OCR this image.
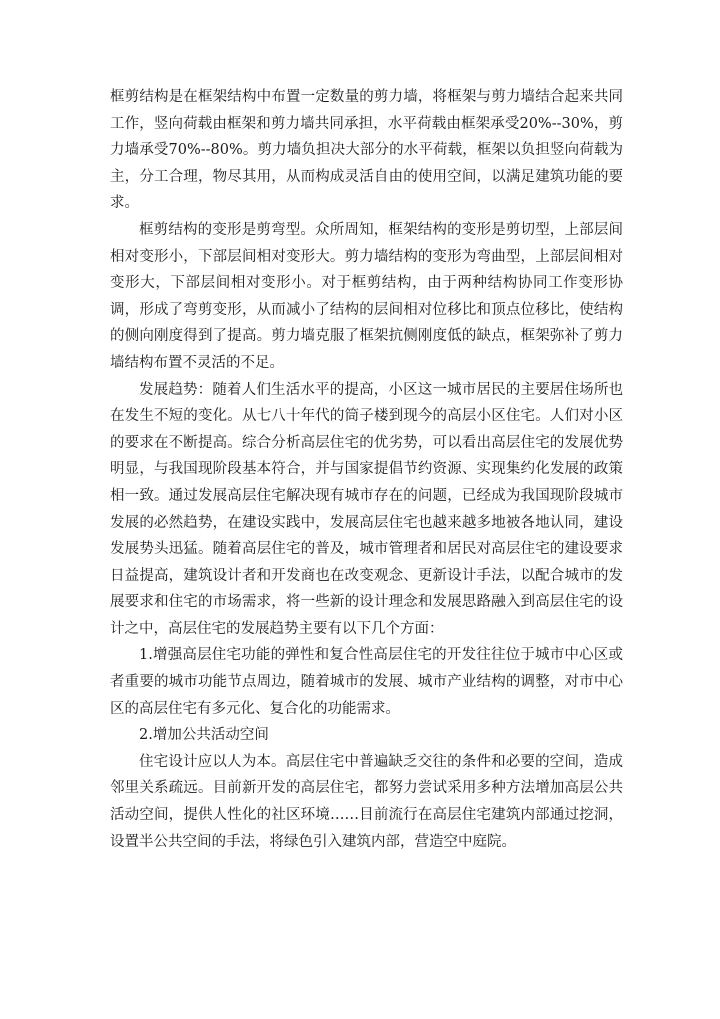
框剪结构是在框架结构中布置一定数量的剪力墙，将框架与剪力墙结合起来共同工作，竖向荷载由框架和剪力墙共同承担，水平荷载由框架承受20%--30%，剪力墙承受70%--80%。剪力墙负担决大部分的水平荷载，框架以负担竖向荷载为主，分工合理，物尽其用，从而构成灵活自由的使用空间，以满足建筑功能的要求。

框剪结构的变形是剪弯型。众所周知，框架结构的变形是剪切型，上部层间相对变形小，下部层间相对变形大。剪力墙结构的变形为弯曲型，上部层间相对变形大，下部层间相对变形小。对于框剪结构，由于两种结构协同工作变形协调，形成了弯剪变形，从而减小了结构的层间相对位移比和顶点位移比，使结构的侧向刚度得到了提高。剪力墙克服了框架抗侧刚度低的缺点，框架弥补了剪力墙结构布置不灵活的不足。

发展趋势：随着人们生活水平的提高，小区这一城市居民的主要居住场所也在发生不短的变化。从七八十年代的筒子楼到现今的高层小区住宅。人们对小区的要求在不断提高。综合分析高层住宅的优劣势，可以看出高层住宅的发展优势明显，与我国现阶段基本符合，并与国家提倡节约资源、实现集约化发展的政策相一致。通过发展高层住宅解决现有城市存在的问题，已经成为我国现阶段城市发展的必然趋势，在建设实践中，发展高层住宅也越来越多地被各地认同，建设发展势头迅猛。随着高层住宅的普及，城市管理者和居民对高层住宅的建设要求日益提高，建筑设计者和开发商也在改变观念、更新设计手法，以配合城市的发展要求和住宅的市场需求，将一些新的设计理念和发展思路融入到高层住宅的设计之中，高层住宅的发展趋势主要有以下几个方面：

1.增强高层住宅功能的弹性和复合性高层住宅的开发往往位于城市中心区或者重要的城市功能节点周边，随着城市的发展、城市产业结构的调整，对市中心区的高层住宅有多元化、复合化的功能需求。

2.增加公共活动空间

住宅设计应以人为本。高层住宅中普遍缺乏交往的条件和必要的空间，造成邻里关系疏远。目前新开发的高层住宅，都努力尝试采用多种方法增加高层公共活动空间，提供人性化的社区环境……目前流行在高层住宅建筑内部通过挖洞，设置半公共空间的手法，将绿色引入建筑内部，营造空中庭院。
